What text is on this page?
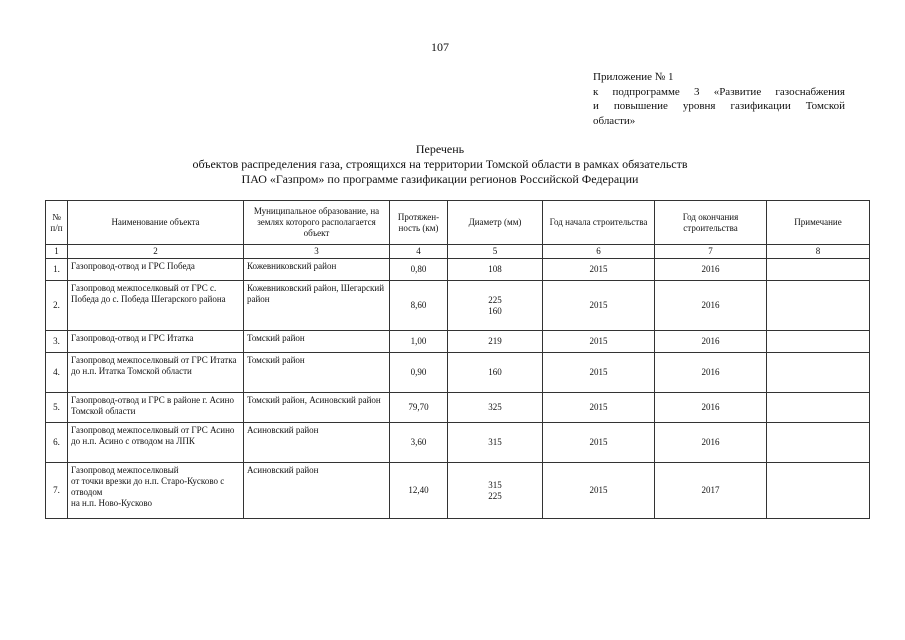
107
Приложение № 1
к подпрограмме 3 «Развитие газоснабжения
и повышение уровня газификации Томской
области»
Перечень
объектов распределения газа, строящихся на территории Томской области в рамках обязательств
ПАО «Газпром» по программе газификации регионов Российской Федерации
№ п/п	Наименование объекта	Муниципальное образование, на землях которого располагается объект	Протяжен-ность (км)	Диаметр (мм)	Год начала строительства	Год окончания строительства	Примечание
1	2	3	4	5	6	7	8
1.	Газопровод-отвод и ГРС Победа	Кожевниковский район	0,80	108	2015	2016	
2.	Газопровод межпоселковый от ГРС с. Победа до с. Победа Шегарского района	Кожевниковский район, Шегарский район	8,60	225
160	2015	2016	
3.	Газопровод-отвод и ГРС Итатка	Томский район	1,00	219	2015	2016	
4.	Газопровод межпоселковый от ГРС Итатка до н.п. Итатка Томской области	Томский район	0,90	160	2015	2016	
5.	Газопровод-отвод и ГРС в районе г. Асино Томской области	Томский район, Асиновский район	79,70	325	2015	2016	
6.	Газопровод межпоселковый от ГРС Асино до н.п. Асино с отводом на ЛПК	Асиновский район	3,60	315	2015	2016	
7.	Газопровод межпоселковый
от точки врезки до н.п. Старо-Кусково с отводом
на н.п. Ново-Кусково	Асиновский район	12,40	315
225	2015	2017	
